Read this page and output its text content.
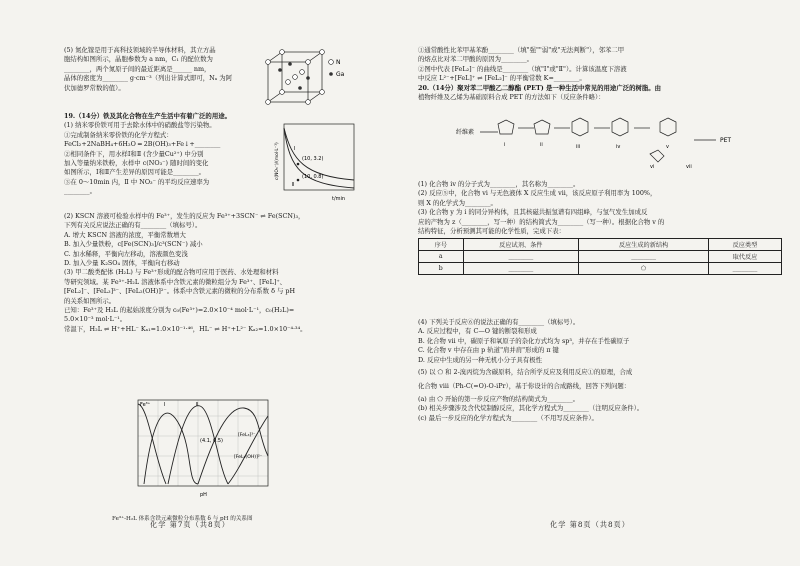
(5) 氮化镓是用于高科技领域的半导体材料，其立方晶
胞结构如图所示，晶胞参数为 a nm，C₁ 的配位数为
________，两个氮原子间的最近距离是______ nm，
晶体的密度为________ g·cm⁻³（列出计算式即可，Nₐ 为阿
伏加德罗常数的值）。
N
Ga
19.（14分）铁及其化合物在生产生活中有着广泛的用途。
(1) 纳米零价铁可用于去除水体中的硝酸盐等污染物。
①完成制备纳米零价铁的化学方程式：
FeCl₂+2NaBH₄+6H₂O ═ 2B(OH)₃+Fe↓+________
②相同条件下，用水样Ⅰ和Ⅱ (含少量Cu²⁺) 中分别
加入等量纳米铁粉，水样中 c(NO₃⁻) 随时间的变化
如图所示，Ⅰ和Ⅱ产生差异的原因可能是________。
③在 0～10min 内，Ⅱ 中 NO₃⁻ 的平均反应速率为
________。
(10, 3.2)
(10, 0.8)
Ⅰ
Ⅱ
t/min
c(NO₃⁻)/(mol·L⁻¹)
(2) KSCN 溶液可检验水样中的 Fe³⁺，发生的反应为 Fe³⁺+3SCN⁻ ⇌ Fe(SCN)₃，
下列有关反应说法正确的有________（填标号）。
A. 增大 KSCN 溶液的浓度，平衡常数增大
B. 加入少量铁粉，c[Fe(SCN)₃]/c³(SCN⁻) 减小
C. 加水稀释，平衡向左移动，溶液颜色变浅
D. 加入少量 K₂SO₄ 固体，平衡向右移动
(3) 甲二酸类配体 (H₂L) 与 Fe³⁺形成的配合物可应用于医药、水处理和材料
等研究领域。某 Fe³⁺-H₂L 溶液体系中含铁元素的微粒组分为 Fe³⁺、[FeL]⁺、
[FeL₂]⁻、[FeL₃]³⁻、[FeL₂(OH)]²⁻。体系中含铁元素的微粒的分布系数 δ 与 pH
的关系如图所示。
已知：Fe³⁺及 H₂L 的起始浓度分别为 c₀(Fe³⁺)=2.0×10⁻⁴ mol·L⁻¹，c₀(H₂L)=
5.0×10⁻³ mol·L⁻¹。
常温下，H₂L ⇌ H⁺+HL⁻ Kₐ₁=1.0×10⁻¹·⁴⁶，HL⁻ ⇌ H⁺+L²⁻ Kₐ₂=1.0×10⁻⁴·³⁴。
Fe³⁺	Ⅰ	Ⅱ
(4.1, 0.5)
[FeL₃]³⁻
[FeL₂(OH)]²⁻
pH
Fe³⁺-H₂L 体系含铁元素微粒分布系数 δ 与 pH 的关系图
化学 第7页（共8页）
①通常酸性比苯甲基苯酚________（填"强""弱"或"无法判断"），邻苯二甲
的熔点比对苯二甲酸的原因为________。
②图中代表 [FeL₂]⁻ 的曲线是________（填"Ⅰ"或"Ⅱ"）。计算该温度下溶液
中反应 L²⁻+[FeL]⁺ ⇌ [FeL₂]⁻ 的平衡常数 K=________。
20.（14分）聚对苯二甲酸乙二醇酯 (PET) 是一种生活中常见的用途广泛的树脂。由
植物纤维及乙烯为基础原料合成 PET 的方法如下（反应条件略）：
纤维素
i	ii	iii	iv	v
vi	vii
PET
(1) 化合物 iv 的分子式为________，其名称为________。
(2) 反应⑤中，化合物 vi 与无色液体 X 反应生成 vii，该反应原子利用率为 100%，
则 X 的化学式为________。
(3) 化合物 y 为 i 的同分异构体，且其核磁共振氢谱有四组峰，与氢气发生加成反
应的产物为 z（________，写一种）的结构简式为________（写一种）。根据化合物 v 的
结构特征，分析预测其可能的化学性质，完成下表：
序号	反应试剂、条件	反应生成的新结构	反应类型
a	________	________	取代反应
b	________	⬠	________
(4) 下列关于反应⑥的说法正确的有________（填标号）。
A. 反应过程中，有 C—O 键的断裂和形成
B. 化合物 vii 中，碳原子和氧原子的杂化方式均为 sp³，并存在手性碳原子
C. 化合物 v 中存在由 p 轨道"肩并肩"形成的 π 键
D. 反应中生成的另一种无机小分子具有极性
(5) 以 ⬠ 和 2-溴丙烷为含碳原料，结合所学反应及利用反应①的原理，合成
化合物 viii（Ph-C(=O)-O-iPr），基于你设计的合成路线，回答下列问题：
(a) 由 ⬠ 开始的第一步反应产物的结构简式为________。
(b) 相关步骤涉及含代烷制醇反应，其化学方程式为________（注明反应条件）。
(c) 最后一步反应的化学方程式为________（不用写反应条件）。
化学 第8页（共8页）
